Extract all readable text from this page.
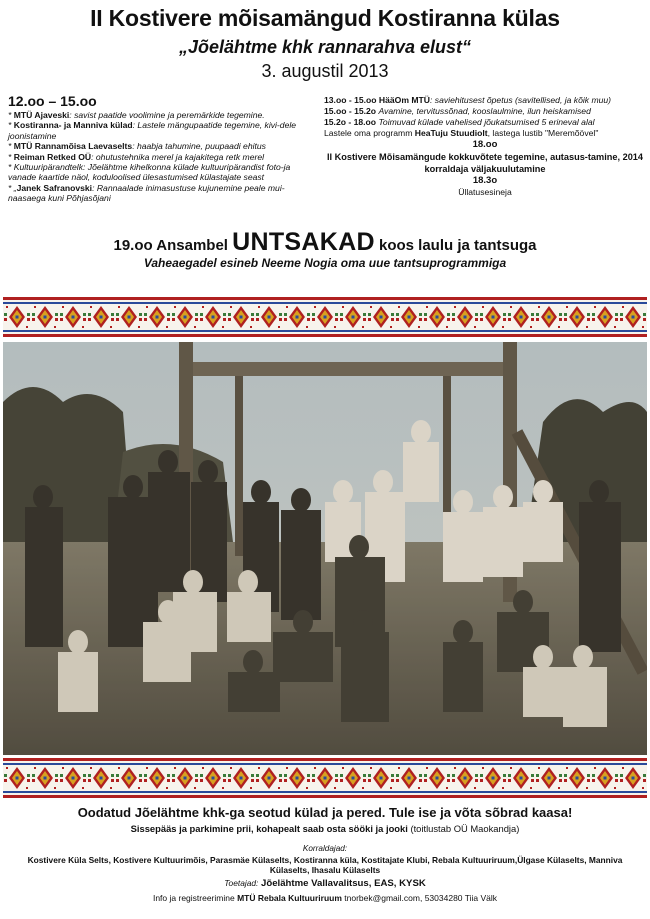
II Kostivere mõisamängud Kostiranna külas
„Jõelähtme khk rannarahva elust“
3. augustil 2013
12.oo – 15.oo
* MTÜ Ajaveski: savist paatide voolimine ja peremärkide tegemine.
* Kostiranna- ja Manniva külad: Lastele mängupaatide tegemine, kivi-dele joonistamine
* MTÜ Rannamõisa Laevaselts: haabja tahumine, puupaadi ehitus
* Reiman Retked OÜ: ohutustehnika merel ja kajakitega retk merel
* Kultuuripärandtelk: Jõelähtme kihelkonna külade kultuuripärandist foto-ja vanade kaartide näol, koduloolised ülesastumised külastajate seast
* „Janek Safranovski: Rannaalade inimasustuse kujunemine peale mui-naasaega kuni Põhjasõjani
13.oo - 15.oo HääOm MTÜ: saviehitusest õpetus (savitellised, ja kõik muu)
15.oo - 15.2o Avamine, tervitussõnad, kooslaulmine, ilun heiskamised
15.2o - 18.oo Toimuvad külade vahelised jõukatsumised 5 erineval alal
Lastele oma programm HeaTuju Stuudiolt, lastega lustib "Meremõövel"
18.oo
II Kostivere Mõisamängude kokkuvõtete tegemine, autasus-tamine, 2014 korraldaja väljakuulutamine
18.3o
Üllatusesineja
19.oo Ansambel UNTSAKAD koos laulu ja tantsuga
Vaheaegadel esineb Neeme Nogia oma uue tantsuprogrammiga
Oodatud Jõelähtme khk-ga seotud külad ja pered. Tule ise ja võta sõbrad kaasa!
Sissepääs ja parkimine prii, kohapealt saab osta sööki ja jooki (toitlustab OÜ Maokandja)
Korraldajad:
Kostivere Küla Selts, Kostivere Kultuurimõis, Parasmäe Külaselts, Kostiranna küla, Kostitajate Klubi, Rebala Kultuuriruum,Ülgase Külaselts, Manniva Külaselts, Ihasalu Külaselts
Toetajad: Jõelähtme Vallavalitsus, EAS, KYSK
Info ja registreerimine MTÜ Rebala Kultuuriruum tnorbek@gmail.com, 53034280 Tiia Välk
